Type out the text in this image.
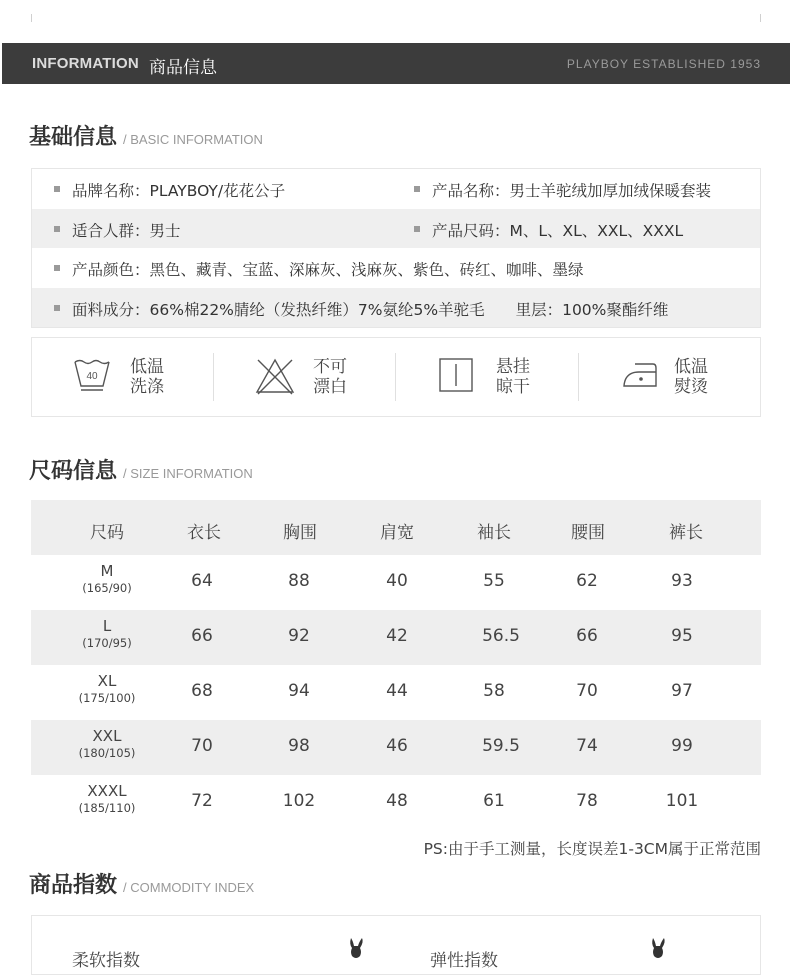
INFORMATION 商品信息	PLAYBOY ESTABLISHED 1953
基础信息 / BASIC INFORMATION
品牌名称：PLAYBOY/花花公子	产品名称：男士羊驼绒加厚加绒保暖套装
适合人群：男士	产品尺码：M、L、XL、XXL、XXXL
产品颜色：黑色、藏青、宝蓝、深麻灰、浅麻灰、紫色、砖红、咖啡、墨绿
面料成分：66%棉22%腈纶（发热纤维）7%氨纶5%羊驼毛　　里层：100%聚酯纤维
40 低温
洗涤
不可
漂白
悬挂
晾干
低温
熨烫
尺码信息 / SIZE INFORMATION
尺码	衣长	胸围	肩宽	袖长	腰围	裤长
M
(165/90)	64	88	40	55	62	93
L
(170/95)	66	92	42	56.5	66	95
XL
(175/100)	68	94	44	58	70	97
XXL
(180/105)	70	98	46	59.5	74	99
XXXL
(185/110)	72	102	48	61	78	101
PS:由于手工测量，长度误差1-3CM属于正常范围
商品指数 / COMMODITY INDEX
柔软指数	弹性指数
